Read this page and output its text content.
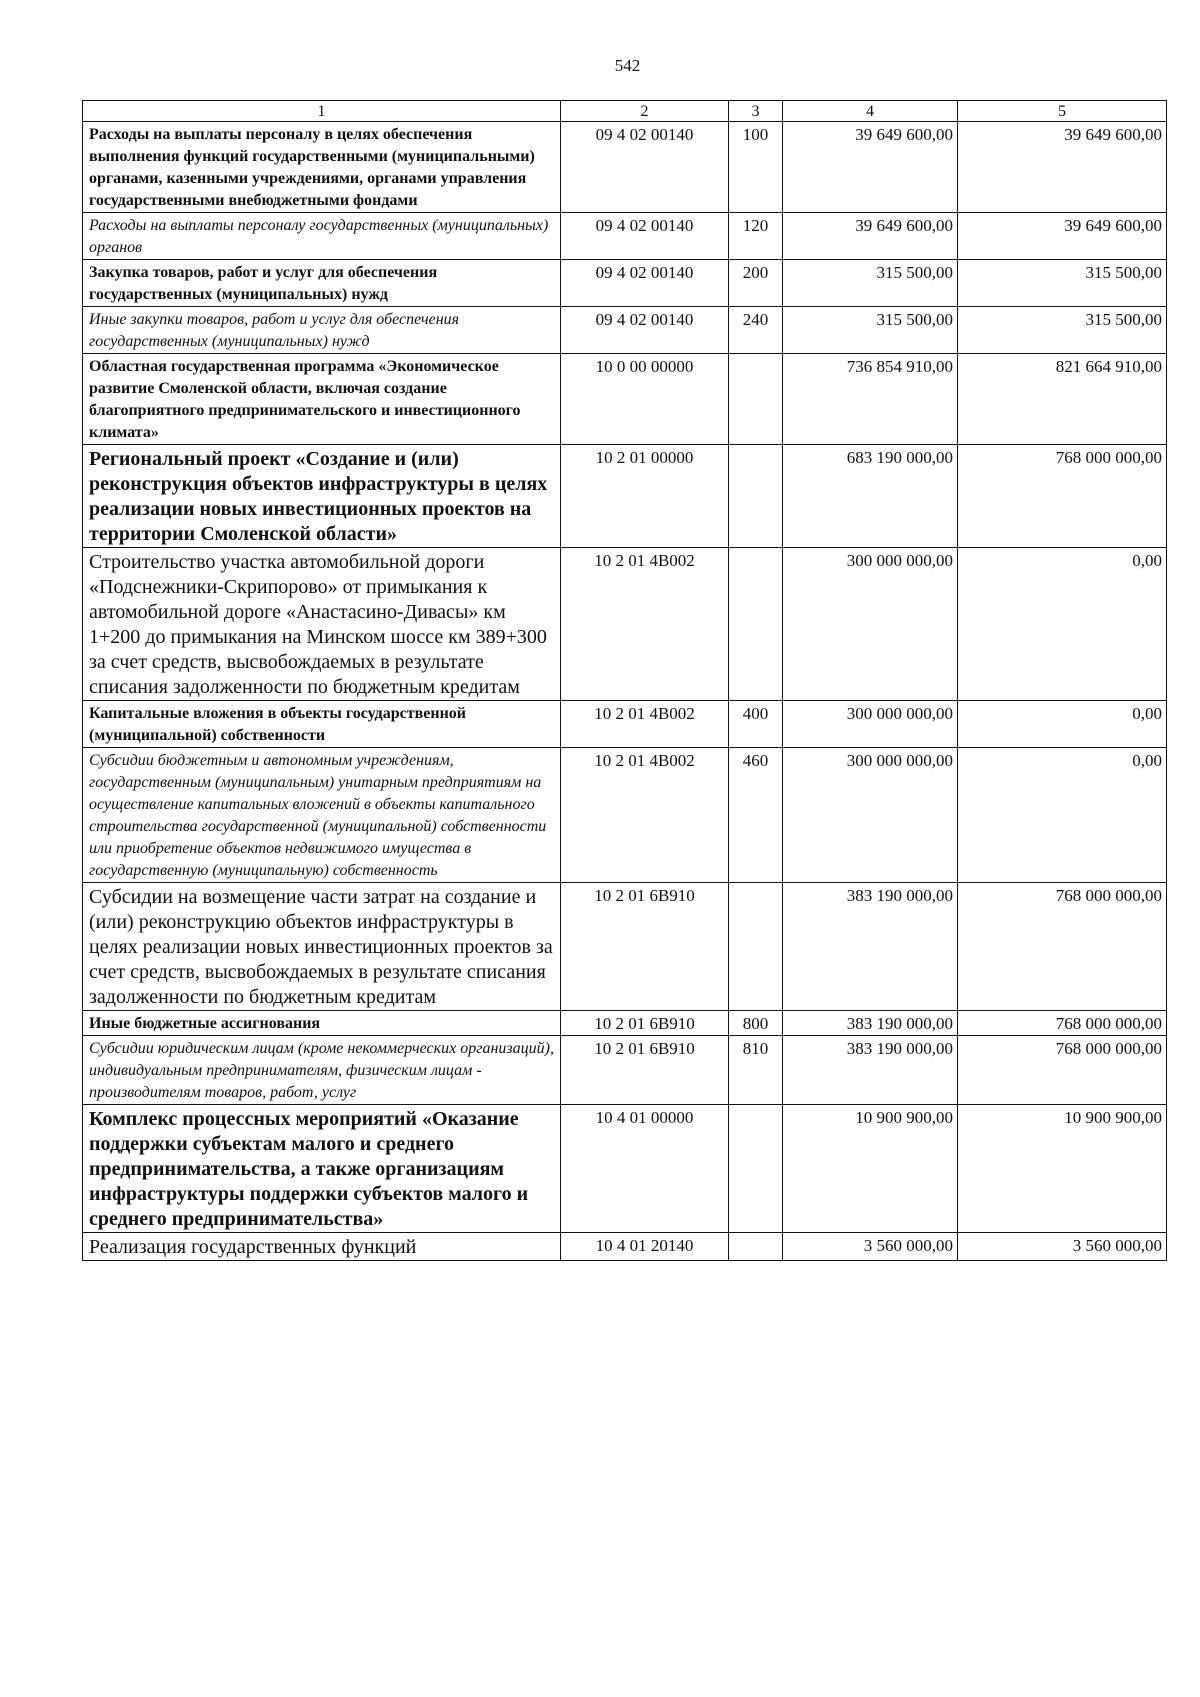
542
1	2	3	4	5
Расходы на выплаты персоналу в целях обеспечения выполнения функций государственными (муниципальными) органами, казенными учреждениями, органами управления государственными внебюджетными фондами	09 4 02 00140	100	39 649 600,00	39 649 600,00
Расходы на выплаты персоналу государственных (муниципальных) органов	09 4 02 00140	120	39 649 600,00	39 649 600,00
Закупка товаров, работ и услуг для обеспечения государственных (муниципальных) нужд	09 4 02 00140	200	315 500,00	315 500,00
Иные закупки товаров, работ и услуг для обеспечения государственных (муниципальных) нужд	09 4 02 00140	240	315 500,00	315 500,00
Областная государственная программа «Экономическое развитие Смоленской области, включая создание благоприятного предпринимательского и инвестиционного климата»	10 0 00 00000		736 854 910,00	821 664 910,00
Региональный проект «Создание и (или) реконструкция объектов инфраструктуры в целях реализации новых инвестиционных проектов на территории Смоленской области»	10 2 01 00000		683 190 000,00	768 000 000,00
Строительство участка автомобильной дороги «Подснежники-Скрипорово» от примыкания к автомобильной дороге «Анастасино-Дивасы» км 1+200 до примыкания на Минском шоссе км 389+300 за счет средств, высвобождаемых в результате списания задолженности по бюджетным кредитам	10 2 01 4В002		300 000 000,00	0,00
Капитальные вложения в объекты государственной (муниципальной) собственности	10 2 01 4В002	400	300 000 000,00	0,00
Субсидии бюджетным и автономным учреждениям, государственным (муниципальным) унитарным предприятиям на осуществление капитальных вложений в объекты капитального строительства государственной (муниципальной) собственности или приобретение объектов недвижимого имущества в государственную (муниципальную) собственность	10 2 01 4В002	460	300 000 000,00	0,00
Субсидии на возмещение части затрат на создание и (или) реконструкцию объектов инфраструктуры в целях реализации новых инвестиционных проектов за счет средств, высвобождаемых в результате списания задолженности по бюджетным кредитам	10 2 01 6В910		383 190 000,00	768 000 000,00
Иные бюджетные ассигнования	10 2 01 6В910	800	383 190 000,00	768 000 000,00
Субсидии юридическим лицам (кроме некоммерческих организаций), индивидуальным предпринимателям, физическим лицам - производителям товаров, работ, услуг	10 2 01 6В910	810	383 190 000,00	768 000 000,00
Комплекс процессных мероприятий «Оказание поддержки субъектам малого и среднего предпринимательства, а также организациям инфраструктуры поддержки субъектов малого и среднего предпринимательства»	10 4 01 00000		10 900 900,00	10 900 900,00
Реализация государственных функций	10 4 01 20140		3 560 000,00	3 560 000,00
